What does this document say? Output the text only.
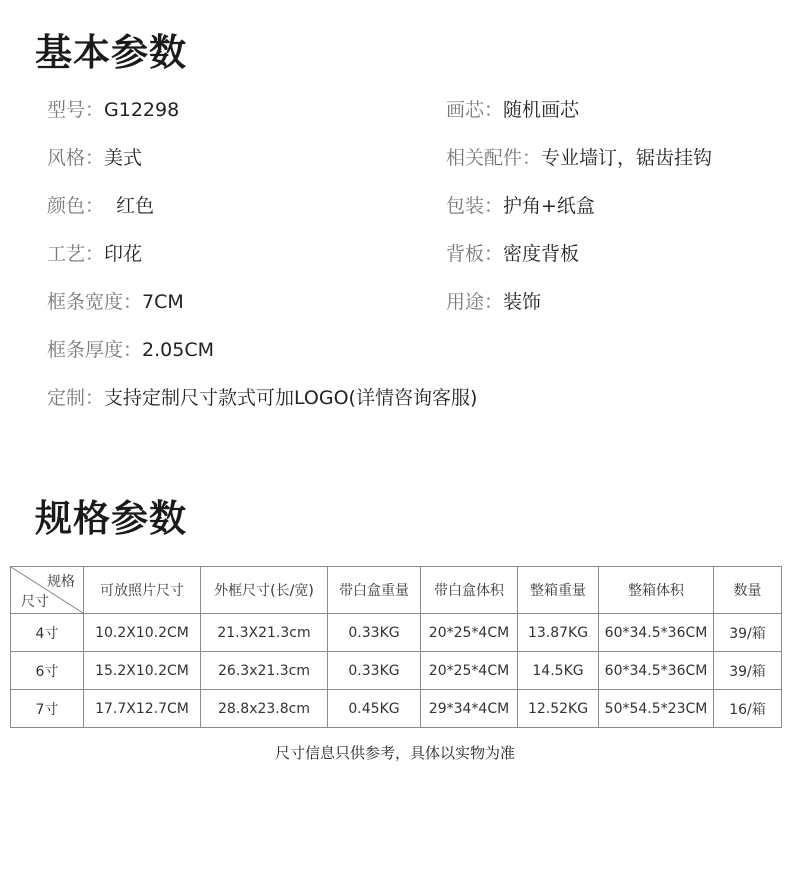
基本参数
型号：G12298	画芯：随机画芯
风格：美式	相关配件：专业墙订，锯齿挂钩
颜色：  红色	包装：护角+纸盒
工艺：印花	背板：密度背板
框条宽度：7CM	用途：装饰
框条厚度：2.05CM
定制：支持定制尺寸款式可加LOGO(详情咨询客服)
规格参数
规格
尺寸	可放照片尺寸	外框尺寸(长/宽)	带白盒重量	带白盒体积	整箱重量	整箱体积	数量
4寸	10.2X10.2CM	21.3X21.3cm	0.33KG	20*25*4CM	13.87KG	60*34.5*36CM	39/箱
6寸	15.2X10.2CM	26.3x21.3cm	0.33KG	20*25*4CM	14.5KG	60*34.5*36CM	39/箱
7寸	17.7X12.7CM	28.8x23.8cm	0.45KG	29*34*4CM	12.52KG	50*54.5*23CM	16/箱
尺寸信息只供参考，具体以实物为准
